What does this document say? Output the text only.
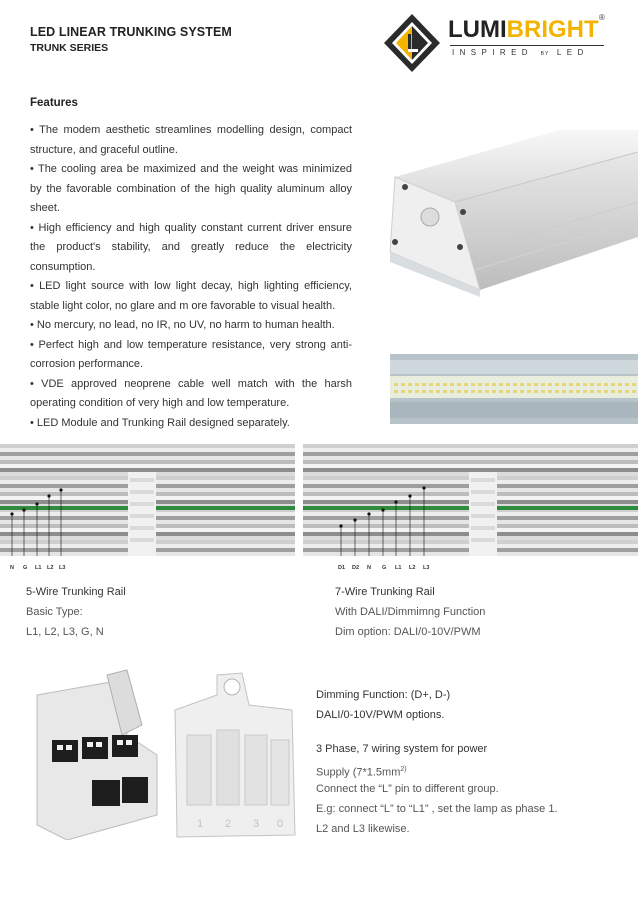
LED LINEAR TRUNKING SYSTEM
TRUNK SERIES
LUMIBRIGHT ®
INSPIRED BY LED
Features

• The modem aesthetic streamlines modelling design, compact structure, and graceful outline.

• The cooling area be maximized and the weight was minimized by the favorable combination of the high quality aluminum alloy sheet.

• High efficiency and high quality constant current driver ensure the product's stability, and greatly reduce the electricity consumption.

• LED light source with low light decay, high lighting efficiency, stable light color, no glare and m ore favorable to visual health.

• No mercury, no lead, no IR, no UV, no harm to human health.

• Perfect high and low temperature resistance, very strong anti-corrosion performance.

• VDE approved neoprene cable well match with the harsh operating condition of very high and low temperature.

• LED Module and Trunking Rail designed separately.

N G L1 L2 L3	D1 D2 N G L1 L2 L3
5-Wire Trunking Rail
Basic Type:
L1, L2, L3, G, N
7-Wire Trunking Rail
With DALI/Dimmimng Function
Dim option: DALI/0-10V/PWM
1 2 3 0
Dimming Function: (D+, D-)
DALI/0-10V/PWM options.
3 Phase, 7 wiring system for power
Supply ($7*1.5mm^{2)}$
Connect the “L” pin to different group.
E.g: connect “L” to “L1” , set the lamp as phase 1.
L2 and L3 likewise.
